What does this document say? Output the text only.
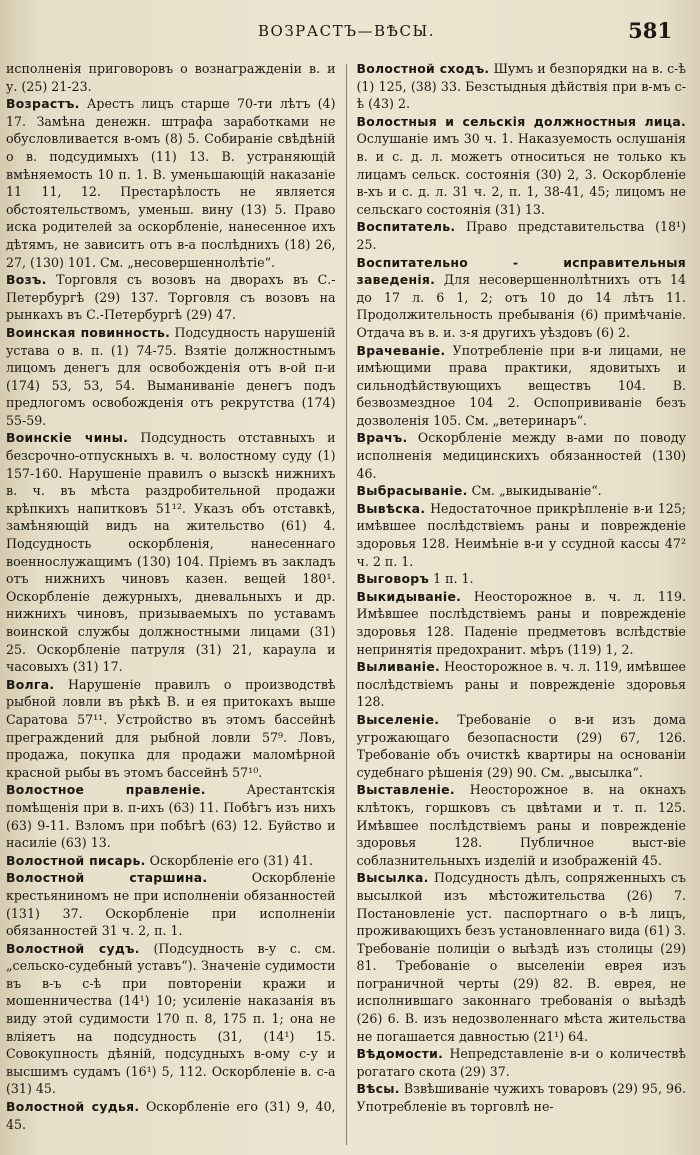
ВОЗРАСТЪ—ВѢСЫ.	581

исполненія приговоровъ о вознагражденіи в. и у. (25) 21-23.

Возрастъ. Арестъ лицъ старше 70-ти лѣтъ (4) 17. Замѣна денежн. штрафа заработками не обусловливается в-омъ (8) 5. Собираніе свѣдѣній о в. подсудимыхъ (11) 13. В. устраняющій вмѣняемость 10 п. 1. В. уменьшающій наказаніе 11 11, 12. Престарѣлость не является обстоятельствомъ, уменьш. вину (13) 5. Право иска родителей за оскорбленіе, нанесенное ихъ дѣтямъ, не зависитъ отъ в-а послѣднихъ (18) 26, 27, (130) 101. См. „несовершеннолѣтіе“.

Возъ. Торговля съ возовъ на дворахъ въ С.-Петербургѣ (29) 137. Торговля съ возовъ на рынкахъ въ С.-Петербургѣ (29) 47.

Воинская повинность. Подсудность нарушеній устава о в. п. (1) 74-75. Взятіе должностнымъ лицомъ денегъ для освобожденія отъ в-ой п-и (174) 53, 53, 54. Выманиваніе денегъ подъ предлогомъ освобожденія отъ рекрутства (174) 55-59.

Воинскіе чины. Подсудность отставныхъ и безсрочно-отпускныхъ в. ч. волостному суду (1) 157-160. Нарушеніе правилъ о вызскѣ нижнихъ в. ч. въ мѣста раздробительной продажи крѣпкихъ напитковъ 51¹². Указъ объ отставкѣ, замѣняющій видъ на жительство (61) 4. Подсудность оскорбленія, нанесеннаго военнослужащимъ (130) 104. Пріемъ въ закладъ отъ нижнихъ чиновъ казен. вещей 180¹. Оскорбленіе дежурныхъ, дневальныхъ и др. нижнихъ чиновъ, призываемыхъ по уставамъ воинской службы должностными лицами (31) 25. Оскорбленіе патруля (31) 21, караула и часовыхъ (31) 17.

Волга. Нарушеніе правилъ о производствѣ рыбной ловли въ рѣкѣ В. и ея притокахъ выше Саратова 57¹¹. Устройство въ этомъ бассейнѣ преграждений для рыбной ловли 57⁹. Ловъ, продажа, покупка для продажи маломѣрной красной рыбы въ этомъ бассейнѣ 57¹⁰.

Волостное правленіе.	Арестантскія помѣщенія при в. п-ихъ (63) 11. Побѣгъ изъ нихъ (63) 9-11. Взломъ при побѣгѣ (63) 12. Буйство и насиліе (63) 13.

Волостной писарь. Оскорбленіе его (31) 41.

Волостной старшина.	Оскорбленіе крестьяниномъ не при исполненіи обязанностей (131) 37. Оскорбленіе при исполненіи обязанностей 31 ч. 2, п. 1.

Волостной судъ. (Подсудность в-у с. см. „сельско-судебный уставъ“). Значеніе судимости въ в-ъ с-ѣ при повтореніи кражи и мошенничества (14¹) 10; усиленіе наказанія въ виду этой судимости 170 п. 8, 175 п. 1; она не вліяетъ на подсудность (31, (14¹) 15. Совокупность дѣяній, подсудныхъ в-ому с-у и высшимъ судамъ (16¹) 5, 112. Оскорбленіе в. с-а (31) 45.

Волостной судья. Оскорбленіе его (31) 9, 40, 45.

Волостной сходъ. Шумъ и безпорядки на в. с-ѣ (1) 125, (38) 33. Безстыдныя дѣйствія при в-мъ с-ѣ (43) 2.

Волостныя и сельскія должностныя лица. Ослушаніе имъ 30 ч. 1. Наказуемость ослушанія в. и с. д. л. можетъ относиться не только къ лицамъ сельск. состоянія (30) 2, 3. Оскорбленіе в-хъ и с. д. л. 31 ч. 2, п. 1, 38-41, 45; лицомъ не сельскаго состоянія (31) 13.

Воспитатель. Право представительства (18¹) 25.

Воспитательно - исправительныя заведенія. Для несовершеннолѣтнихъ отъ 14 до 17 л. 6 1, 2; отъ 10 до 14 лѣтъ 11. Продолжительность пребыванія (6) примѣчаніе. Отдача въ в. и. з-я другихъ уѣздовъ (6) 2.

Врачеваніе. Употребленіе при в-и лицами, не имѣющими права практики, ядовитыхъ и сильнодѣйствующихъ веществъ 104. В. безвозмездное 104 2. Оспопрививаніе безъ дозволенія 105. См. „ветеринаръ“.

Врачъ. Оскорбленіе между в-ами по поводу исполненія медицинскихъ обязанностей (130) 46.

Выбрасываніе. См. „выкидываніе“.

Вывѣска. Недостаточное прикрѣпленіе в-и 125; имѣвшее послѣдствіемъ раны и поврежденіе здоровья 128. Неимѣніе в-и у ссудной кассы 47² ч. 2 п. 1.

Выговоръ 1 п. 1.

Выкидываніе. Неосторожное в. ч. л. 119. Имѣвшее послѣдствіемъ раны и поврежденіе здоровья 128. Паденіе предметовъ вслѣдствіе непринятія предохранит. мѣръ (119) 1, 2.

Выливаніе. Неосторожное в. ч. л. 119, имѣвшее послѣдствіемъ раны и поврежденіе здоровья 128.

Выселеніе. Требованіе о в-и изъ дома угрожающаго безопасности (29) 67, 126. Требованіе объ очисткѣ квартиры на основаніи судебнаго рѣшенія (29) 90. См. „высылка“.

Выставленіе. Неосторожное в. на окнахъ клѣтокъ, горшковъ съ цвѣтами и т. п. 125. Имѣвшее послѣдствіемъ раны и поврежденіе здоровья 128. Публичное выст-віе соблазнительныхъ изделій и изображеній 45.

Высылка. Подсудность дѣлъ, сопряженныхъ съ высылкой изъ мѣстожительства (26) 7. Постановленіе уст. паспортнаго о в-ѣ лицъ, проживающихъ безъ установленнаго вида (61) 3. Требованіе полиціи о выѣздѣ изъ столицы (29) 81. Требованіе о выселеніи еврея изъ пограничной черты (29) 82. В. еврея, не исполнившаго законнаго требованія о выѣздѣ (26) 6. В. изъ недозволеннаго мѣста жительства не погашается давностью (21¹) 64.

Вѣдомости. Непредставленіе в-и о количествѣ рогатаго скота (29) 37.

Вѣсы. Взвѣшиваніе чужихъ товаровъ (29) 95, 96. Употребленіе въ торговлѣ не-
